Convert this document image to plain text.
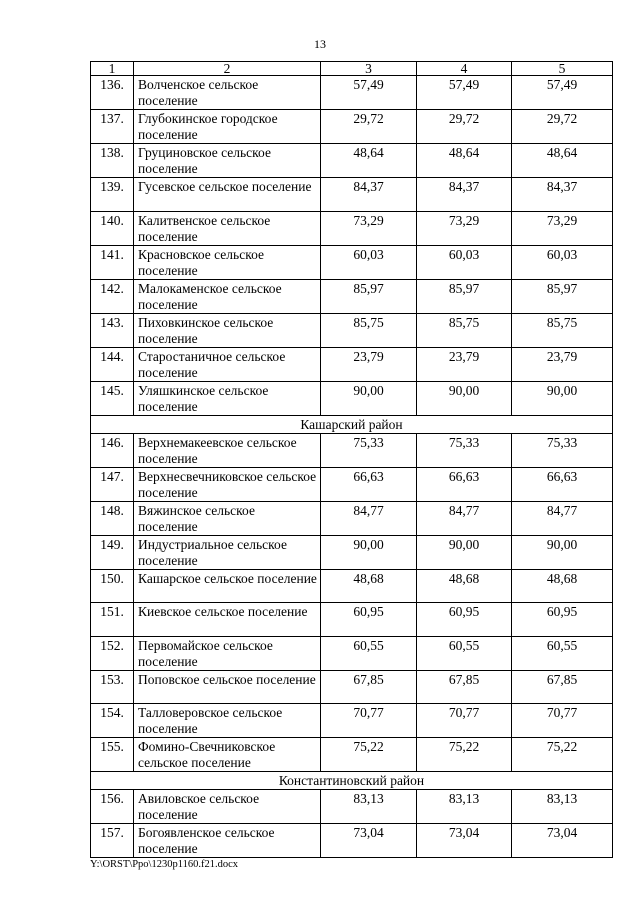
13
1	2	3	4	5
136.	Волченское сельское поселение	57,49	57,49	57,49
137.	Глубокинское городское поселение	29,72	29,72	29,72
138.	Груциновское сельское поселение	48,64	48,64	48,64
139.	Гусевское сельское поселение	84,37	84,37	84,37
140.	Калитвенское сельское поселение	73,29	73,29	73,29
141.	Красновское сельское поселение	60,03	60,03	60,03
142.	Малокаменское сельское поселение	85,97	85,97	85,97
143.	Пиховкинское сельское поселение	85,75	85,75	85,75
144.	Старостаничное сельское поселение	23,79	23,79	23,79
145.	Уляшкинское сельское поселение	90,00	90,00	90,00
Кашарский район				
146.	Верхнемакеевское сельское поселение	75,33	75,33	75,33
147.	Верхнесвечниковское сельское поселение	66,63	66,63	66,63
148.	Вяжинское сельское поселение	84,77	84,77	84,77
149.	Индустриальное сельское поселение	90,00	90,00	90,00
150.	Кашарское сельское поселение	48,68	48,68	48,68
151.	Киевское сельское поселение	60,95	60,95	60,95
152.	Первомайское сельское поселение	60,55	60,55	60,55
153.	Поповское сельское поселение	67,85	67,85	67,85
154.	Талловеровское сельское поселение	70,77	70,77	70,77
155.	Фомино-Свечниковское сельское поселение	75,22	75,22	75,22
Константиновский район				
156.	Авиловское сельское поселение	83,13	83,13	83,13
157.	Богоявленское сельское поселение	73,04	73,04	73,04
Y:\ORST\Ppo\1230p1160.f21.docx
